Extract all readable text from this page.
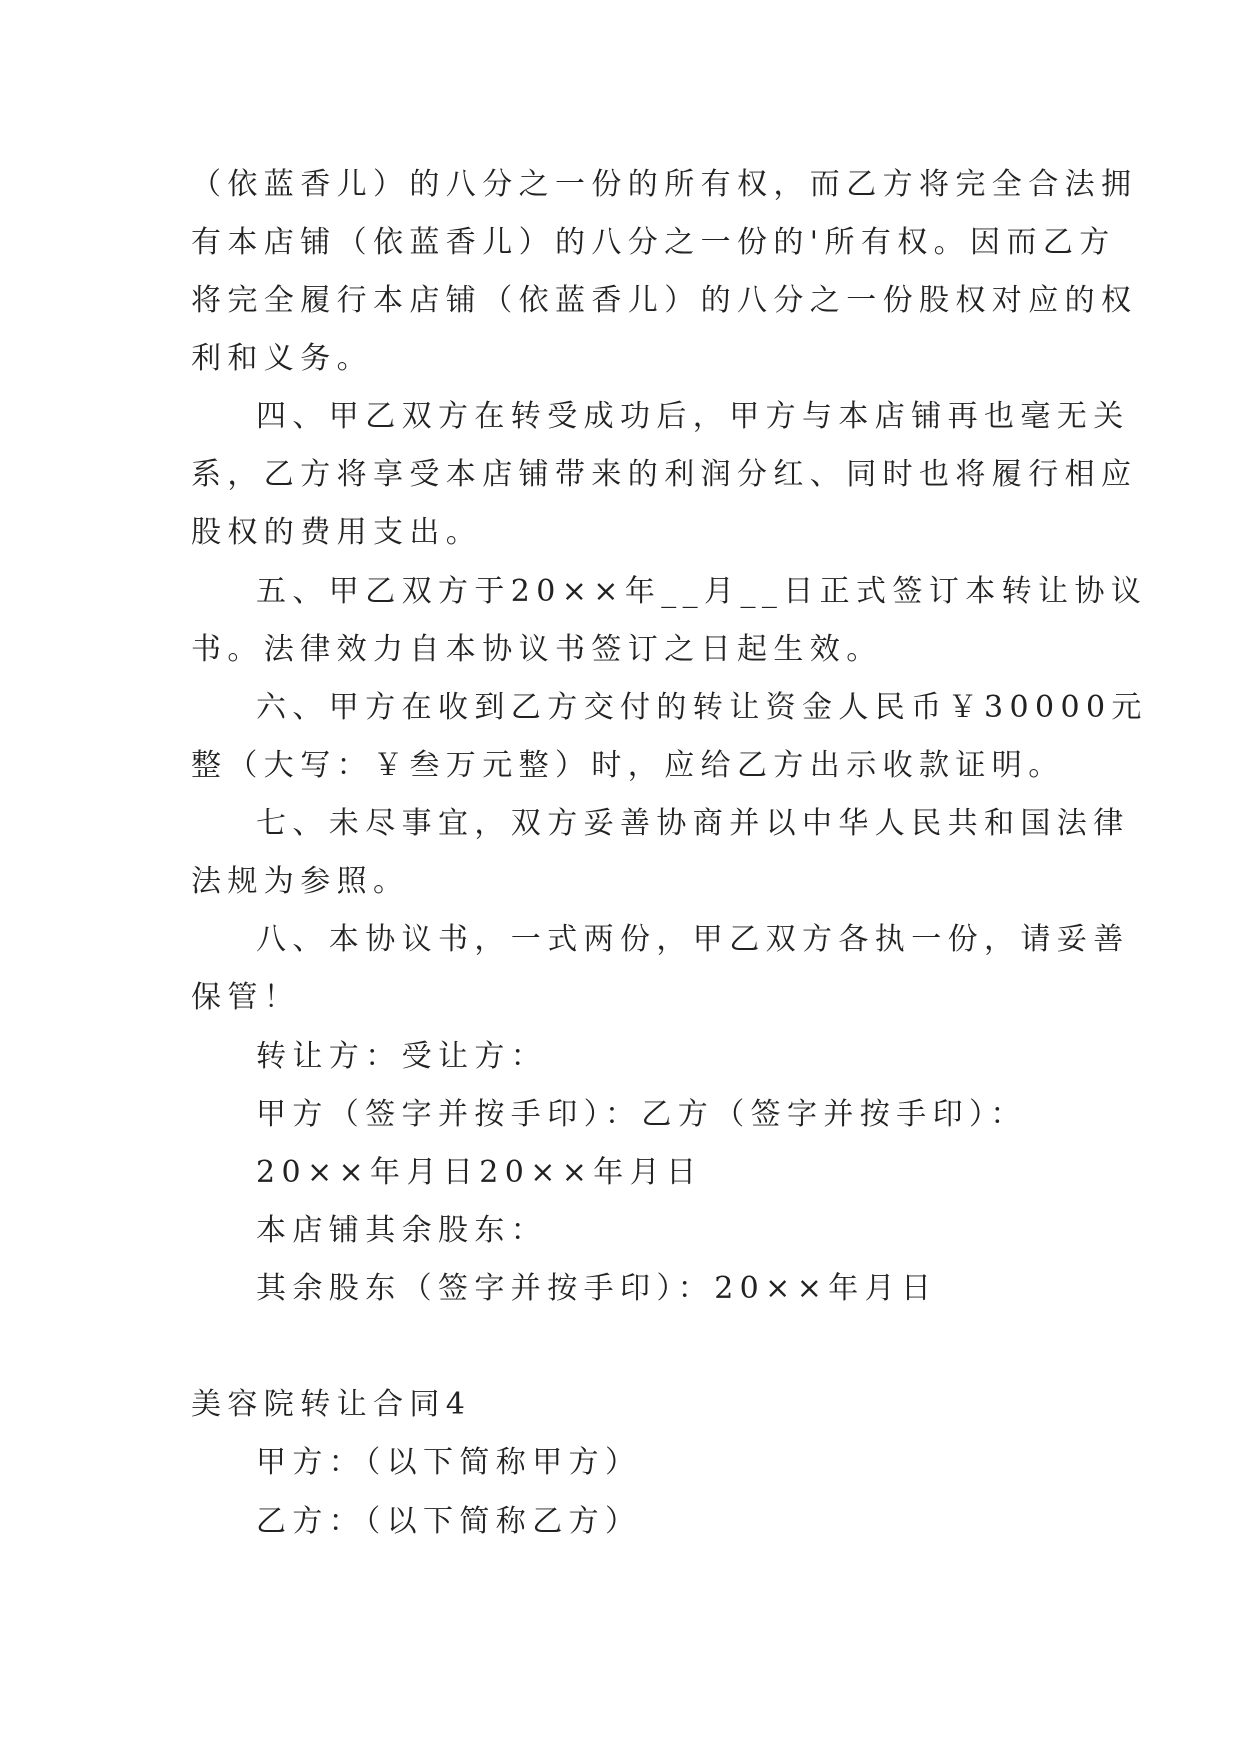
（依蓝香儿）的八分之一份的所有权，而乙方将完全合法拥
有本店铺（依蓝香儿）的八分之一份的'所有权。因而乙方
将完全履行本店铺（依蓝香儿）的八分之一份股权对应的权
利和义务。
四、甲乙双方在转受成功后，甲方与本店铺再也毫无关
系，乙方将享受本店铺带来的利润分红、同时也将履行相应
股权的费用支出。
五、甲乙双方于20××年__月__日正式签订本转让协议
书。法律效力自本协议书签订之日起生效。
六、甲方在收到乙方交付的转让资金人民币￥30000元
整（大写：￥叁万元整）时，应给乙方出示收款证明。
七、未尽事宜，双方妥善协商并以中华人民共和国法律
法规为参照。
八、本协议书，一式两份，甲乙双方各执一份，请妥善
保管！
转让方：受让方：
甲方（签字并按手印）：乙方（签字并按手印）：
20××年月日20××年月日
本店铺其余股东：
其余股东（签字并按手印）：20××年月日
美容院转让合同4
甲方：（以下简称甲方）
乙方：（以下简称乙方）
